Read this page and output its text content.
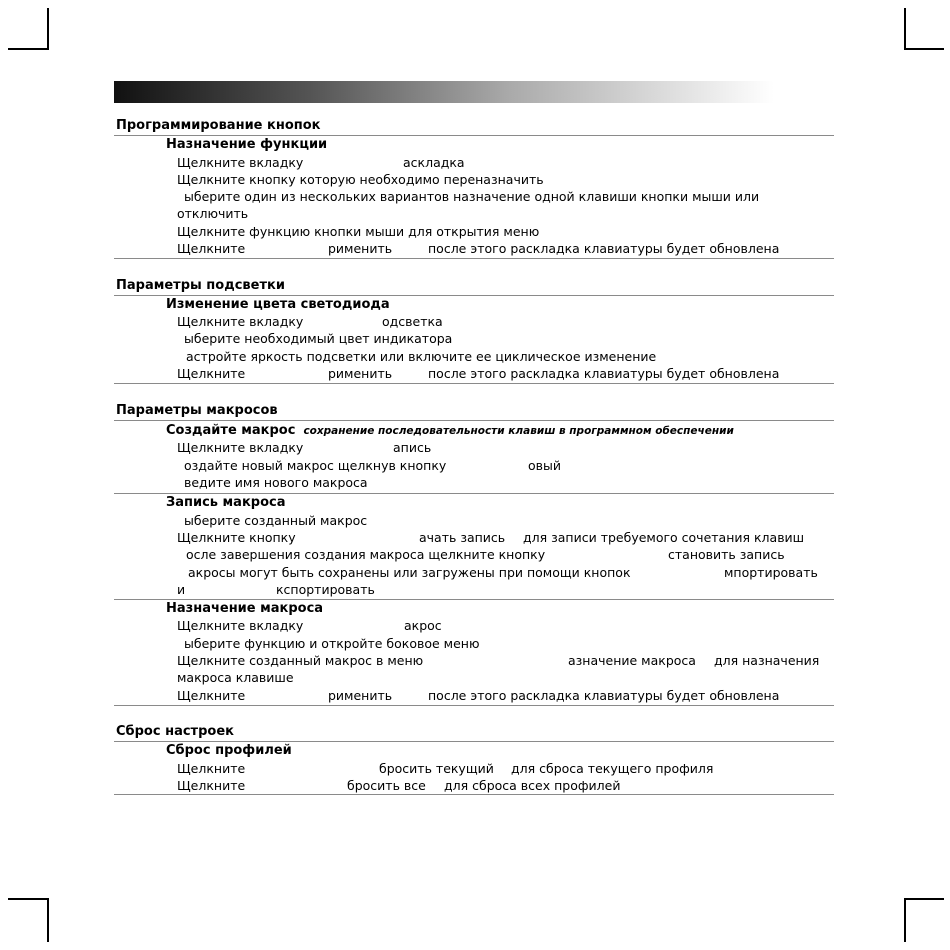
Программирование кнопок
Назначение функции
Щелкните вкладку	аскладка
Щелкните кнопку которую необходимо переназначить
ыберите один из нескольких вариантов назначение одной клавиши кнопки мыши или
отключить
Щелкните функцию кнопки мыши для открытия меню
Щелкните	рименить	после этого раскладка клавиатуры будет обновлена
Параметры подсветки
Изменение цвета светодиода
Щелкните вкладку	одсветка
ыберите необходимый цвет индикатора
астройте яркость подсветки или включите ее циклическое изменение
Щелкните	рименить	после этого раскладка клавиатуры будет обновлена
Параметры макросов
Создайте макрос сохранение последовательности клавиш в программном обеспечении
Щелкните вкладку	апись
оздайте новый макрос щелкнув кнопку	овый
ведите имя нового макроса
Запись макроса
ыберите созданный макрос
Щелкните кнопку	ачать запись для записи требуемого сочетания клавиш
осле завершения создания макроса щелкните кнопку	становить запись
акросы могут быть сохранены или загружены при помощи кнопок	мпортировать
и	кспортировать
Назначение макроса
Щелкните вкладку	акрос
ыберите функцию и откройте боковое меню
Щелкните созданный макрос в меню	азначение макроса для назначения
макроса клавише
Щелкните	рименить	после этого раскладка клавиатуры будет обновлена
Сброс настроек
Сброс профилей
Щелкните	бросить текущий для сброса текущего профиля
Щелкните	бросить все для сброса всех профилей
